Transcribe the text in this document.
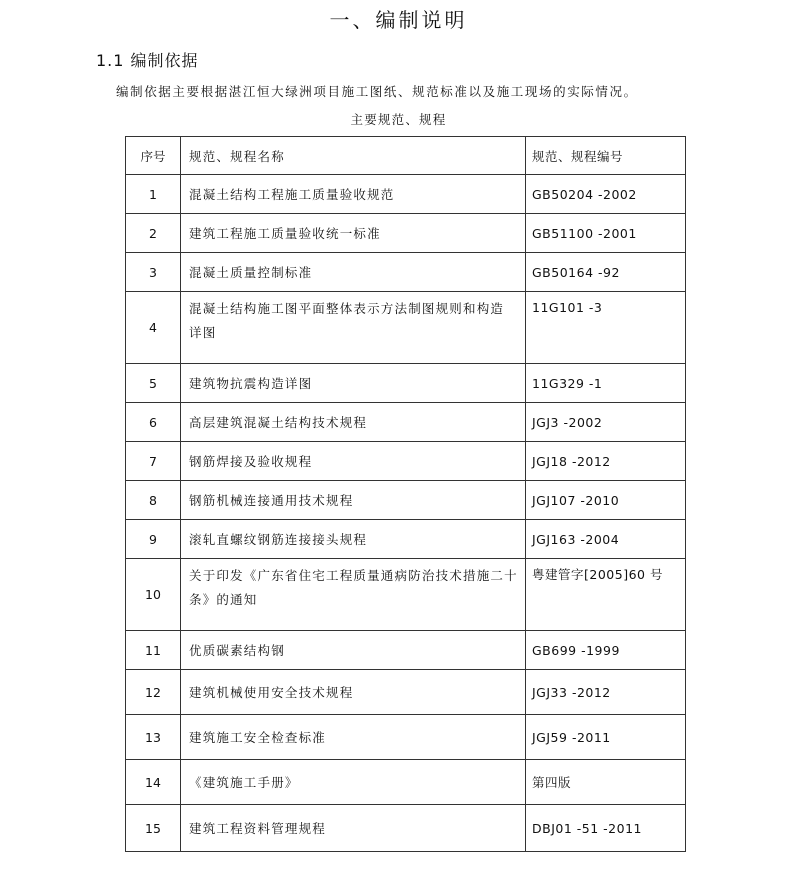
一、编制说明
1.1 编制依据
编制依据主要根据湛江恒大绿洲项目施工图纸、规范标准以及施工现场的实际情况。
主要规范、规程
序号	规范、规程名称	规范、规程编号
1	混凝土结构工程施工质量验收规范	GB50204 -2002
2	建筑工程施工质量验收统一标准	GB51100 -2001
3	混凝土质量控制标准	GB50164 -92
4	混凝土结构施工图平面整体表示方法制图规则和构造
详图	11G101 -3
5	建筑物抗震构造详图	11G329 -1
6	高层建筑混凝土结构技术规程	JGJ3 -2002
7	钢筋焊接及验收规程	JGJ18 -2012
8	钢筋机械连接通用技术规程	JGJ107 -2010
9	滚轧直螺纹钢筋连接接头规程	JGJ163 -2004
10	关于印发《广东省住宅工程质量通病防治技术措施二十
条》的通知	粤建管字[2005]60 号
11	优质碳素结构钢	GB699 -1999
12	建筑机械使用安全技术规程	JGJ33 -2012
13	建筑施工安全检查标准	JGJ59 -2011
14	《建筑施工手册》	第四版
15	建筑工程资料管理规程	DBJ01 -51 -2011
